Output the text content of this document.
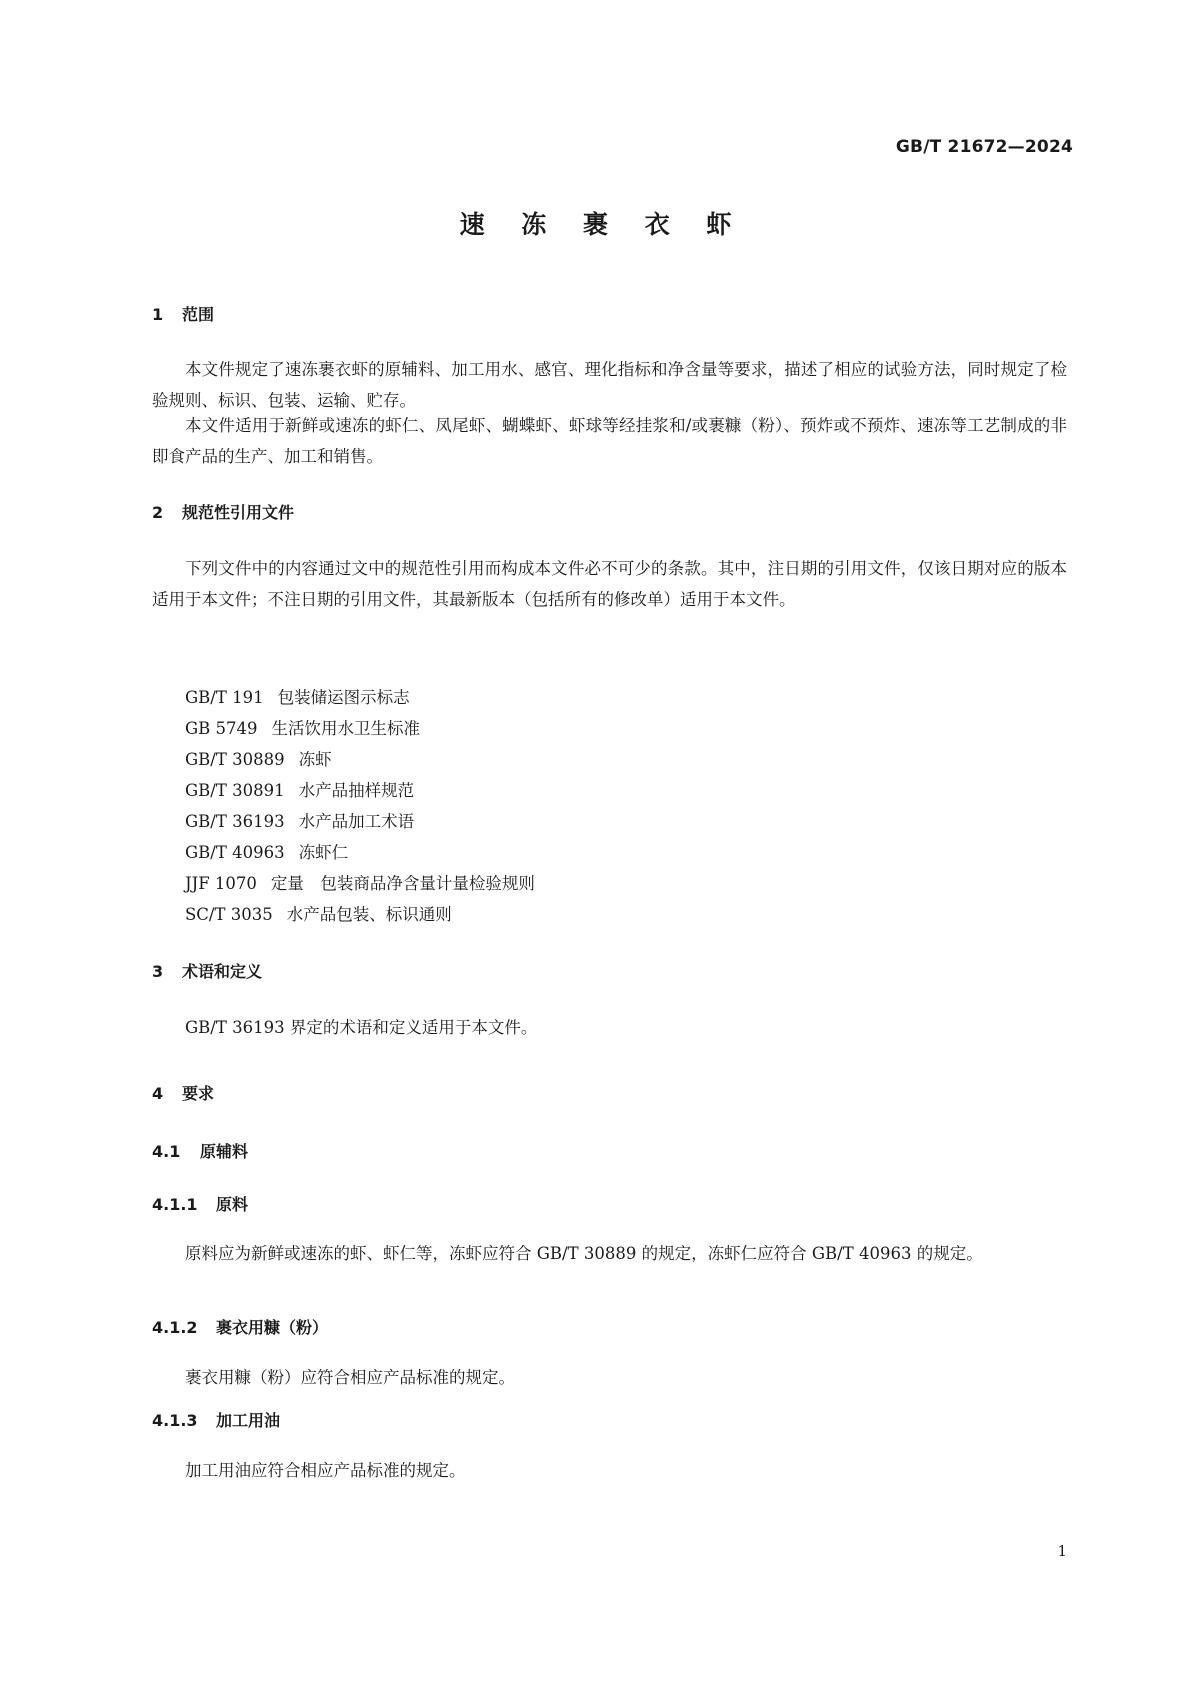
GB/T 21672—2024
速 冻 裹 衣 虾
1 范围
本文件规定了速冻裹衣虾的原辅料、加工用水、感官、理化指标和净含量等要求，描述了相应的试验方法，同时规定了检验规则、标识、包装、运输、贮存。
本文件适用于新鲜或速冻的虾仁、凤尾虾、蝴蝶虾、虾球等经挂浆和/或裹糠（粉）、预炸或不预炸、速冻等工艺制成的非即食产品的生产、加工和销售。
2 规范性引用文件
下列文件中的内容通过文中的规范性引用而构成本文件必不可少的条款。其中，注日期的引用文件，仅该日期对应的版本适用于本文件；不注日期的引用文件，其最新版本（包括所有的修改单）适用于本文件。
GB/T 191 包装储运图示标志
GB 5749 生活饮用水卫生标准
GB/T 30889 冻虾
GB/T 30891 水产品抽样规范
GB/T 36193 水产品加工术语
GB/T 40963 冻虾仁
JJF 1070 定量　包装商品净含量计量检验规则
SC/T 3035 水产品包装、标识通则
3 术语和定义
GB/T 36193 界定的术语和定义适用于本文件。
4 要求
4.1 原辅料
4.1.1 原料
原料应为新鲜或速冻的虾、虾仁等，冻虾应符合 GB/T 30889 的规定，冻虾仁应符合 GB/T 40963 的规定。
4.1.2 裹衣用糠（粉）
裹衣用糠（粉）应符合相应产品标准的规定。
4.1.3 加工用油
加工用油应符合相应产品标准的规定。
1
